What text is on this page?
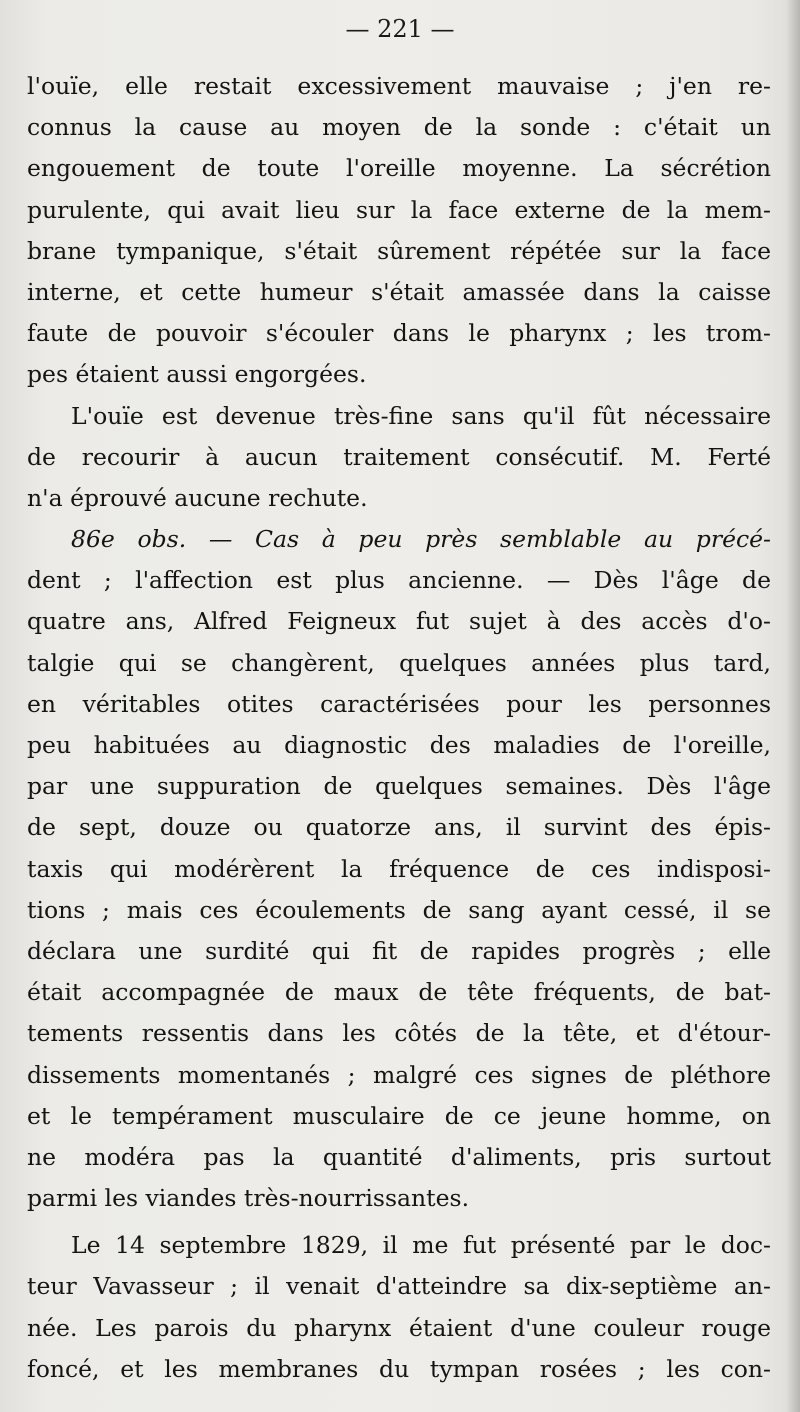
— 221 —
l'ouïe, elle restait excessivement mauvaise ; j'en re-
connus la cause au moyen de la sonde : c'était un
engouement de toute l'oreille moyenne. La sécrétion
purulente, qui avait lieu sur la face externe de la mem-
brane tympanique, s'était sûrement répétée sur la face
interne, et cette humeur s'était amassée dans la caisse
faute de pouvoir s'écouler dans le pharynx ; les trom-
pes étaient aussi engorgées.
L'ouïe est devenue très-fine sans qu'il fût nécessaire
de recourir à aucun traitement consécutif. M. Ferté
n'a éprouvé aucune rechute.
86e obs. — Cas à peu près semblable au précé-
dent ; l'affection est plus ancienne. — Dès l'âge de
quatre ans, Alfred Feigneux fut sujet à des accès d'o-
talgie qui se changèrent, quelques années plus tard,
en véritables otites caractérisées pour les personnes
peu habituées au diagnostic des maladies de l'oreille,
par une suppuration de quelques semaines. Dès l'âge
de sept, douze ou quatorze ans, il survint des épis-
taxis qui modérèrent la fréquence de ces indisposi-
tions ; mais ces écoulements de sang ayant cessé, il se
déclara une surdité qui fit de rapides progrès ; elle
était accompagnée de maux de tête fréquents, de bat-
tements ressentis dans les côtés de la tête, et d'étour-
dissements momentanés ; malgré ces signes de pléthore
et le tempérament musculaire de ce jeune homme, on
ne modéra pas la quantité d'aliments, pris surtout
parmi les viandes très-nourrissantes.
Le 14 septembre 1829, il me fut présenté par le doc-
teur Vavasseur ; il venait d'atteindre sa dix-septième an-
née. Les parois du pharynx étaient d'une couleur rouge
foncé, et les membranes du tympan rosées ; les con-
